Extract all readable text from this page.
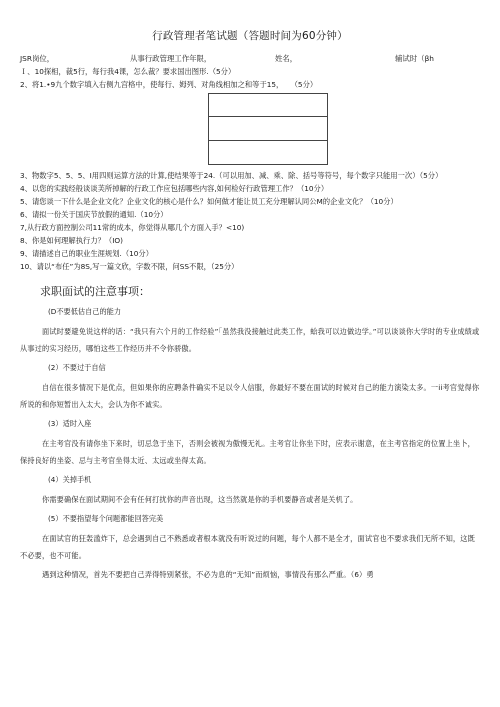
行政管理者笔试题（答题时间为60分钟）
JSR岗位，	从事行政管理工作年限，	姓名，	辅试时（βh

Ｉ、10探相，裁5行，每行我4课，怎么裁？要求国出图形.（5分）

2、将1.•9九个数字填入右侧九宫格中，使每行、姆列、对角线相加之和等于15，　　（5分）

3、物数字5、5、5、I用四则运算方法的计算,使结果等于24.（可以用加、减、乘、除、括号等符号，每个数字只能用一次）（5分）

4、以您的实践经般谈谈芙所掉解的行政工作应包括哪些内容,如何检好行政管理工作？（10分）

5、请您谈一下什么是企业文化？企业文化的核心是什么？如何做才能让员工充分理解认同公M的企业文化？（10分）

6、请拟一份关于国庆节放假的通知.（10分）

7,从行政方面控制公司11常的成本，你觉得从哪几个方面入手？<10)

8、你是如何理解执行力？（IO)

9、请描述自己的职业生涯规划.（10分）

10、请以“布任”为8S,写一篇文欣，字数不限，问SS不限，（25分）

求职面试的注意事项：
(D不要低估自己的能力

面试时要避免说这样的话：“我只有六个月的工作经验”｢虽然我没接触过此类工作，蛤我可以边做边学。”可以谈谈你大学时的专业成绩或从事过的实习经历，哪怕这些工作经历并不令你骄傲。

(2）不要过于自信

自信在很多情况下是优点，但如果你的应聘条件确实不足以令人信服，你最好不要在面试的时候对自己的能力演染太多。一ii考官觉得你所说的和你短暂出入太大，会认为你不诚实。

(3）适时入座

在主考官没有请你坐下来时，切忌急于坐下，否则会被视为傲慢无礼。主考官让你坐下时，应表示谢意，在主考官指定的位置上坐卜，保持良好的坐姿、忌与主考官坐得太近、太远或坐得太高。

(4）关掉手机

你需要确保在面试期间不会有任何打扰你的声音出现，这当然就是你的手机要静音或者是关机了。

(5）不要指望每个问题都能回答完美

在面试官的狂轰滥炸下，总会遇到自己不熟悉或者根本就没有听说过的问题，每个人都不是全才，面试官也不要求我们无所不知，这既不必要，也不可能。

遇到这种情况，首先不要把自己弄得特别紧张，不必为息的“无知”而烦恼，事情没有那么严重。（6）勇
